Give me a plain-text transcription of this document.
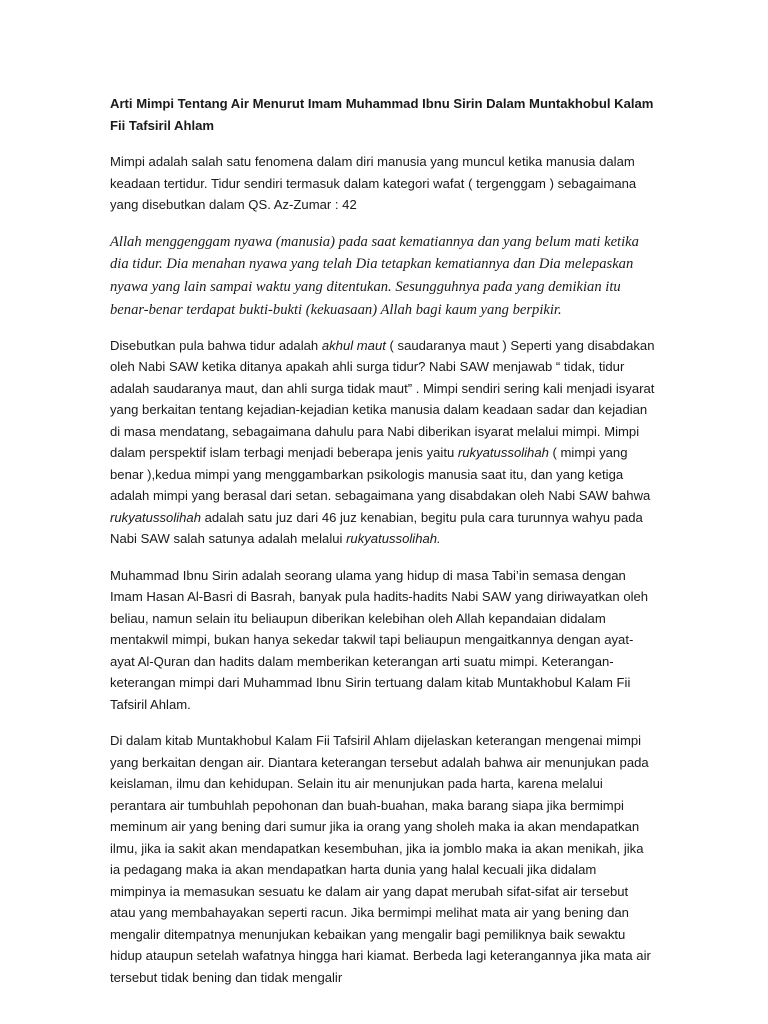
Arti Mimpi Tentang Air Menurut Imam Muhammad Ibnu Sirin Dalam Muntakhobul Kalam Fii Tafsiril Ahlam

Mimpi adalah salah satu fenomena dalam diri manusia yang muncul ketika manusia dalam keadaan tertidur. Tidur sendiri termasuk dalam kategori wafat ( tergenggam ) sebagaimana yang disebutkan dalam QS. Az-Zumar : 42

Allah menggenggam nyawa (manusia) pada saat kematiannya dan yang belum mati ketika dia tidur. Dia menahan nyawa yang telah Dia tetapkan kematiannya dan Dia melepaskan nyawa yang lain sampai waktu yang ditentukan. Sesungguhnya pada yang demikian itu benar-benar terdapat bukti-bukti (kekuasaan) Allah bagi kaum yang berpikir.

Disebutkan pula bahwa tidur adalah akhul maut ( saudaranya maut ) Seperti yang disabdakan oleh Nabi SAW ketika ditanya apakah ahli surga tidur? Nabi SAW menjawab “ tidak, tidur adalah saudaranya maut, dan ahli surga tidak maut” . Mimpi sendiri sering kali menjadi isyarat yang berkaitan tentang kejadian-kejadian ketika manusia dalam keadaan sadar dan kejadian di masa mendatang, sebagaimana dahulu para Nabi diberikan isyarat melalui mimpi. Mimpi dalam perspektif islam terbagi menjadi beberapa jenis yaitu rukyatussolihah ( mimpi yang benar ),kedua mimpi yang menggambarkan psikologis manusia saat itu, dan yang ketiga adalah mimpi yang berasal dari setan. sebagaimana yang disabdakan oleh Nabi SAW bahwa rukyatussolihah adalah satu juz dari 46 juz kenabian, begitu pula cara turunnya wahyu pada Nabi SAW salah satunya adalah melalui rukyatussolihah.

Muhammad Ibnu Sirin adalah seorang ulama yang hidup di masa Tabi’in semasa dengan Imam Hasan Al-Basri di Basrah, banyak pula hadits-hadits Nabi SAW yang diriwayatkan oleh beliau, namun selain itu beliaupun diberikan kelebihan oleh Allah kepandaian didalam mentakwil mimpi, bukan hanya sekedar takwil tapi beliaupun mengaitkannya dengan ayat-ayat Al-Quran dan hadits dalam memberikan keterangan arti suatu mimpi. Keterangan-keterangan mimpi dari Muhammad Ibnu Sirin tertuang dalam kitab Muntakhobul Kalam Fii Tafsiril Ahlam.

Di dalam kitab Muntakhobul Kalam Fii Tafsiril Ahlam dijelaskan keterangan mengenai mimpi yang berkaitan dengan air. Diantara keterangan tersebut adalah bahwa air menunjukan pada keislaman, ilmu dan kehidupan. Selain itu air menunjukan pada harta, karena melalui perantara air tumbuhlah pepohonan dan buah-buahan, maka barang siapa jika bermimpi meminum air yang bening dari sumur jika ia orang yang sholeh maka ia akan mendapatkan ilmu, jika ia sakit akan mendapatkan kesembuhan, jika ia jomblo maka ia akan menikah, jika ia pedagang maka ia akan mendapatkan harta dunia yang halal kecuali jika didalam mimpinya ia memasukan sesuatu ke dalam air yang dapat merubah sifat-sifat air tersebut atau yang membahayakan seperti racun. Jika bermimpi melihat mata air yang bening dan mengalir ditempatnya menunjukan kebaikan yang mengalir bagi pemiliknya baik sewaktu hidup ataupun setelah wafatnya hingga hari kiamat. Berbeda lagi keterangannya jika mata air tersebut tidak bening dan tidak mengalir
